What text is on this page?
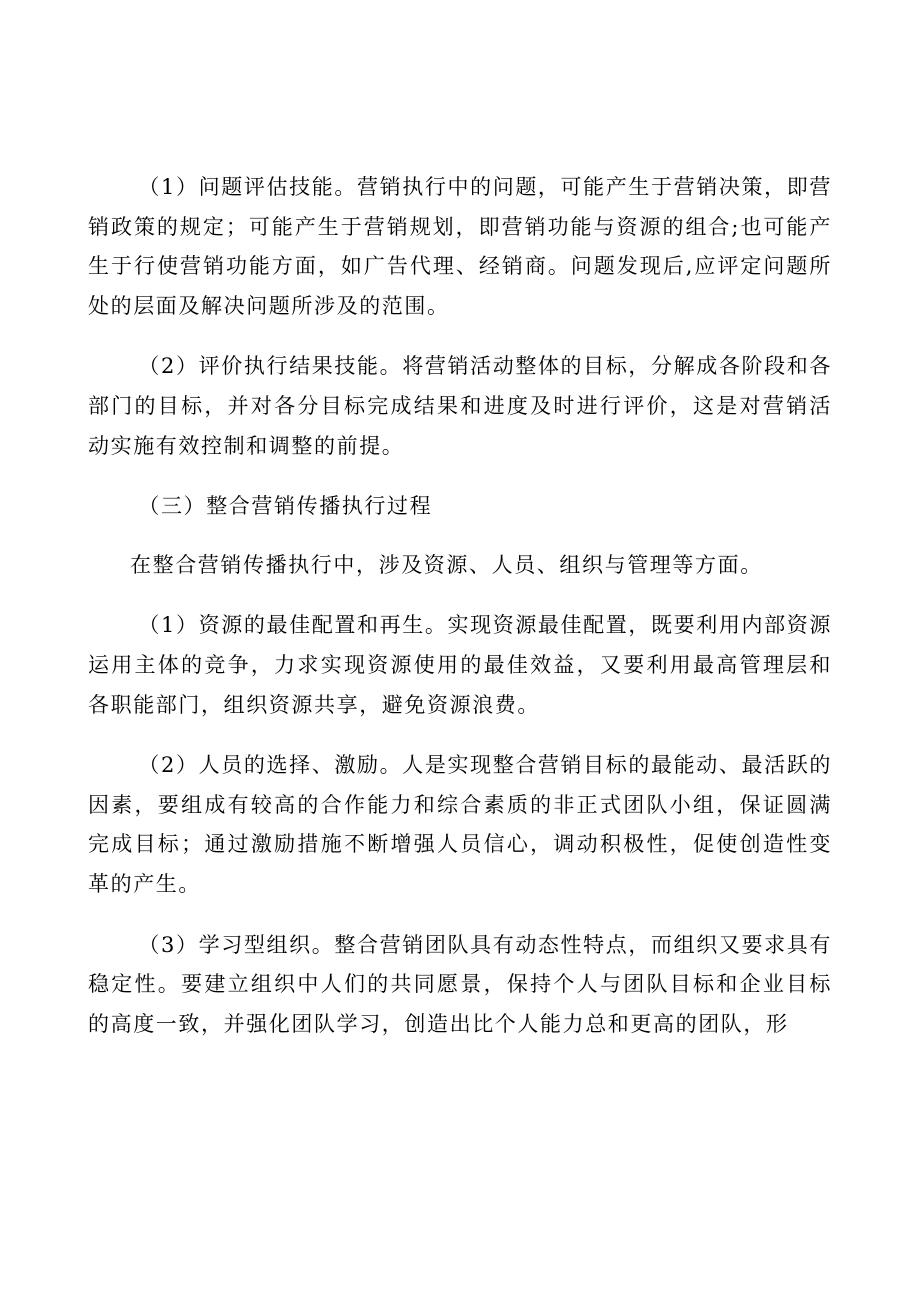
（1）问题评估技能。营销执行中的问题，可能产生于营销决策，即营销政策的规定；可能产生于营销规划，即营销功能与资源的组合;也可能产生于行使营销功能方面，如广告代理、经销商。问题发现后,应评定问题所处的层面及解决问题所涉及的范围。

（2）评价执行结果技能。将营销活动整体的目标，分解成各阶段和各部门的目标，并对各分目标完成结果和进度及时进行评价，这是对营销活动实施有效控制和调整的前提。

（三）整合营销传播执行过程

在整合营销传播执行中，涉及资源、人员、组织与管理等方面。

（1）资源的最佳配置和再生。实现资源最佳配置，既要利用内部资源运用主体的竞争，力求实现资源使用的最佳效益，又要利用最高管理层和各职能部门，组织资源共享，避免资源浪费。

（2）人员的选择、激励。人是实现整合营销目标的最能动、最活跃的因素，要组成有较高的合作能力和综合素质的非正式团队小组，保证圆满完成目标；通过激励措施不断增强人员信心，调动积极性，促使创造性变革的产生。

（3）学习型组织。整合营销团队具有动态性特点，而组织又要求具有稳定性。要建立组织中人们的共同愿景，保持个人与团队目标和企业目标的高度一致，并强化团队学习，创造出比个人能力总和更高的团队，形
